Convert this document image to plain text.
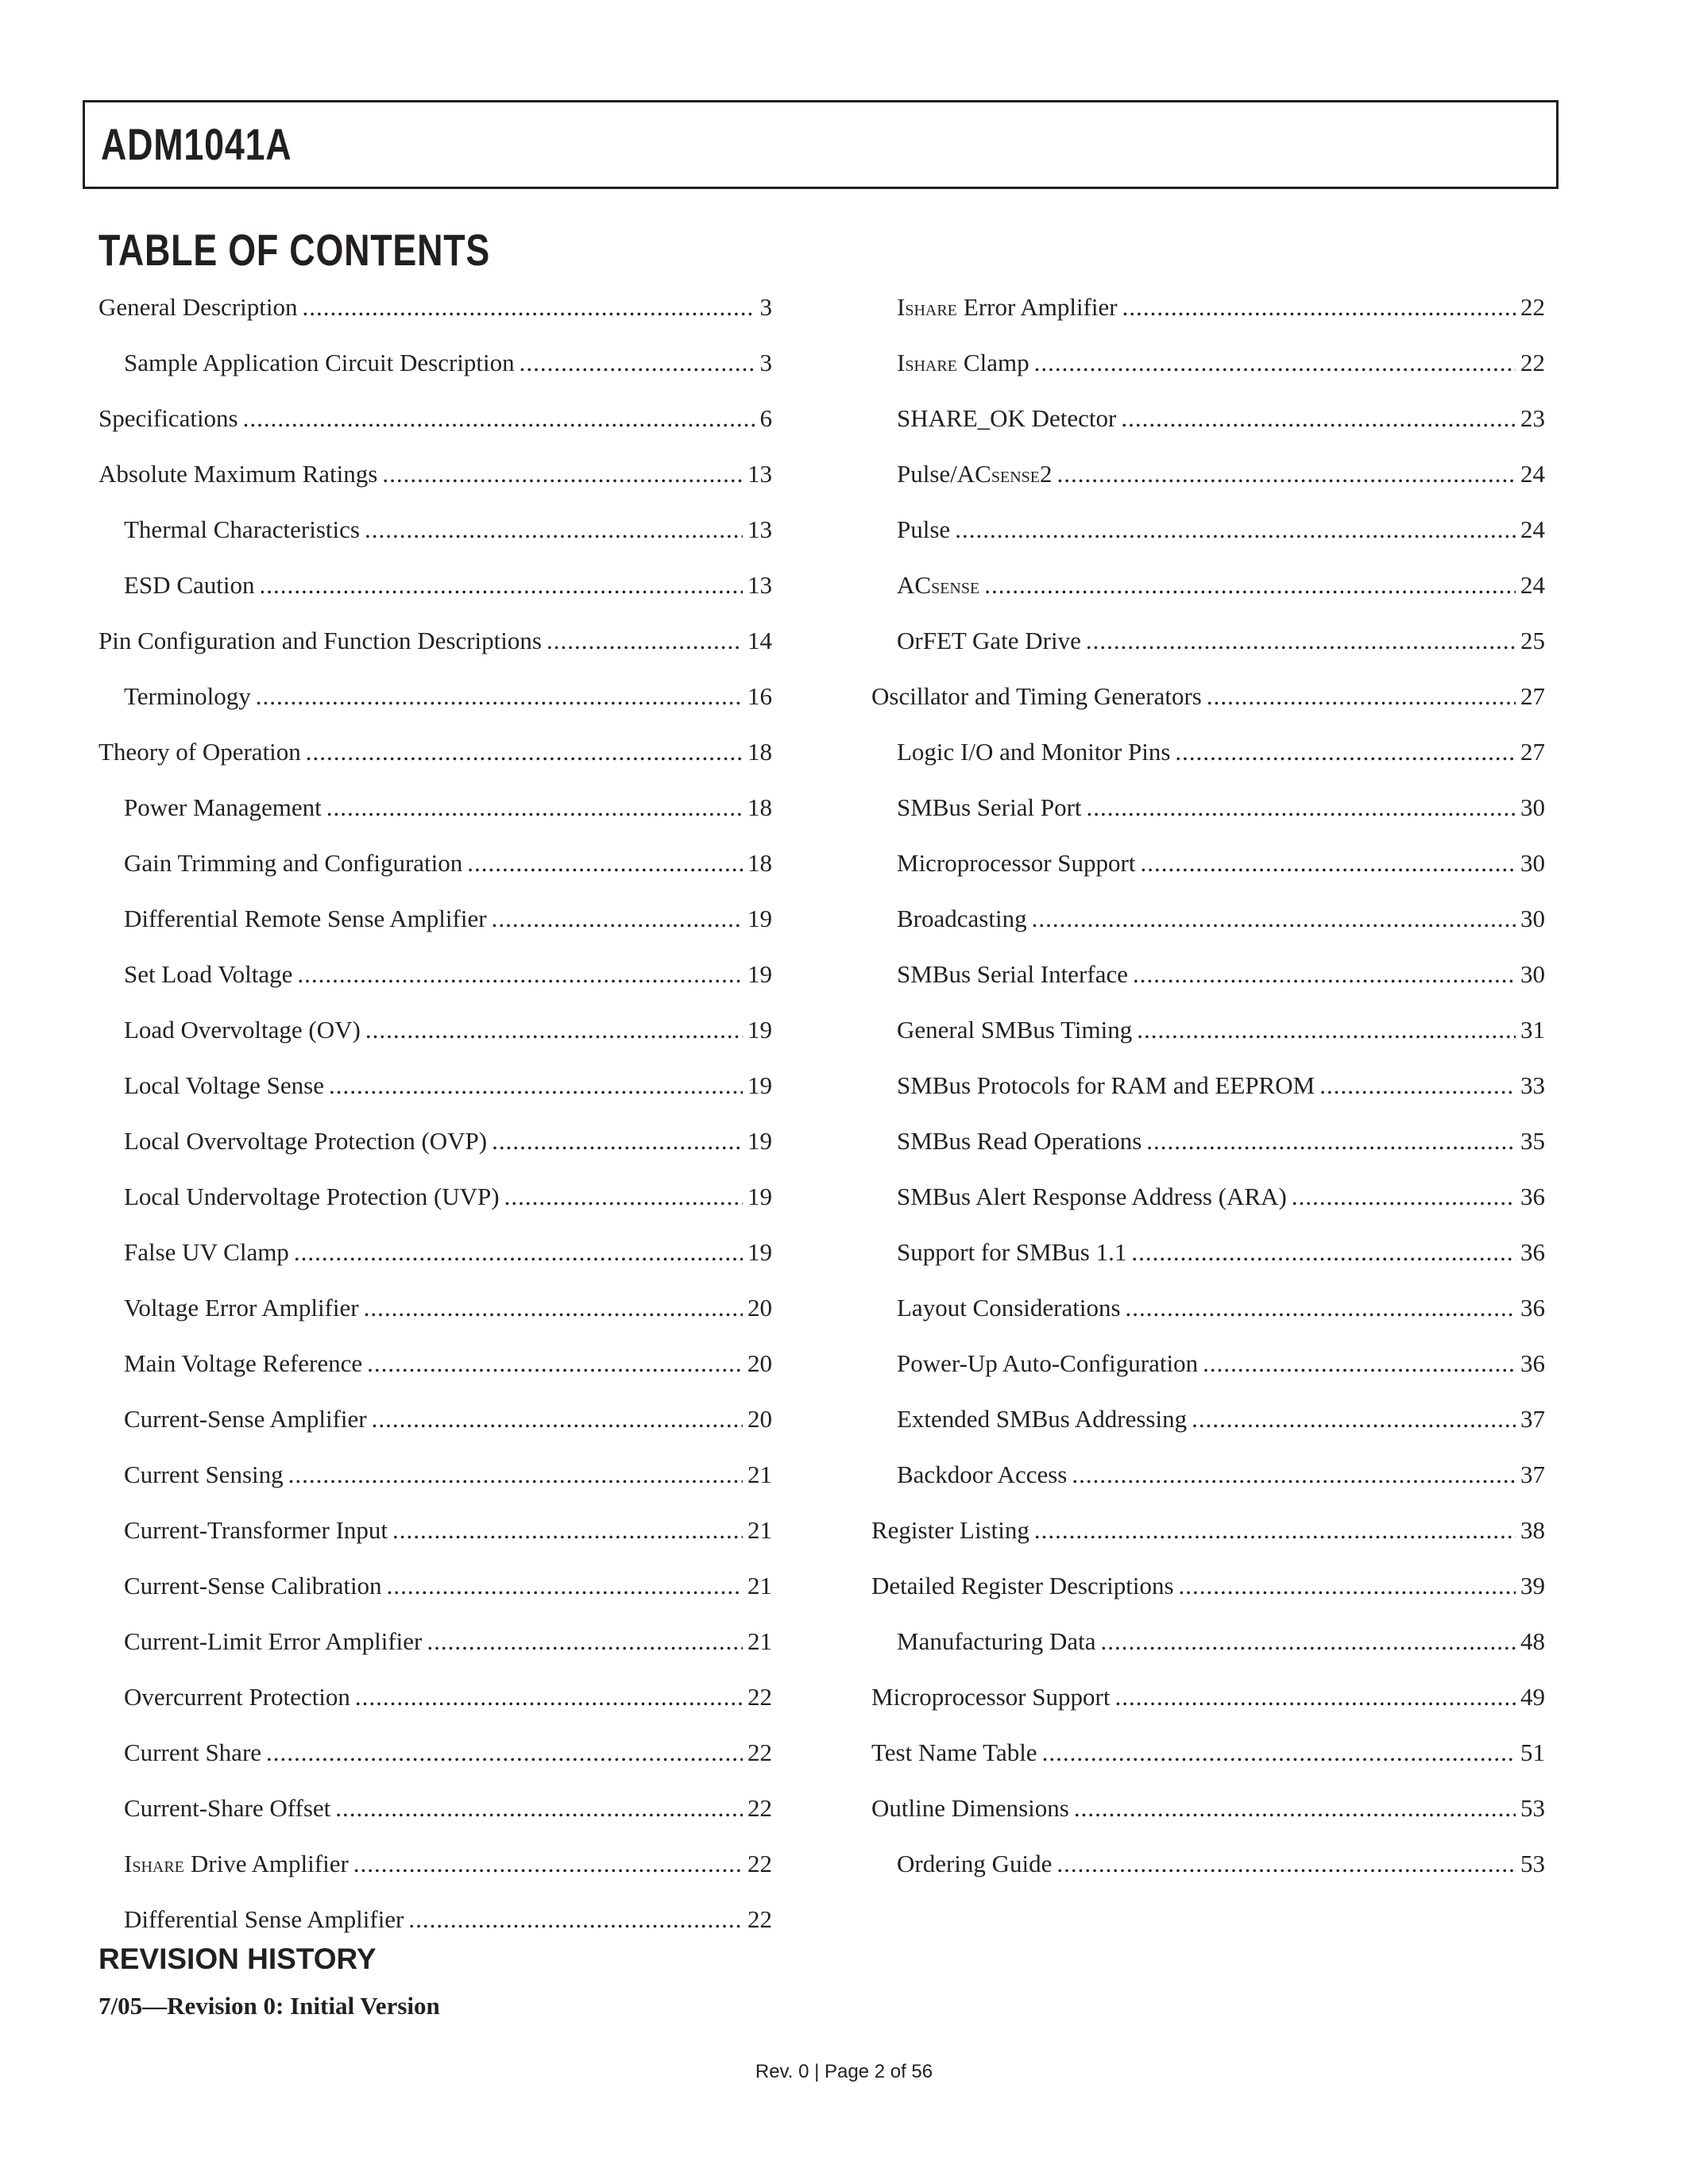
ADM1041A
TABLE OF CONTENTS
General Description .....	3
Sample Application Circuit Description .....	3
Specifications .....	6
Absolute Maximum Ratings .....	13
Thermal Characteristics .....	13
ESD Caution .....	13
Pin Configuration and Function Descriptions .....	14
Terminology .....	16
Theory of Operation .....	18
Power Management .....	18
Gain Trimming and Configuration .....	18
Differential Remote Sense Amplifier .....	19
Set Load Voltage .....	19
Load Overvoltage (OV) .....	19
Local Voltage Sense .....	19
Local Overvoltage Protection (OVP) .....	19
Local Undervoltage Protection (UVP) .....	19
False UV Clamp .....	19
Voltage Error Amplifier .....	20
Main Voltage Reference .....	20
Current-Sense Amplifier .....	20
Current Sensing .....	21
Current-Transformer Input .....	21
Current-Sense Calibration .....	21
Current-Limit Error Amplifier .....	21
Overcurrent Protection .....	22
Current Share .....	22
Current-Share Offset .....	22
ISHARE Drive Amplifier .....	22
Differential Sense Amplifier .....	22
ISHARE Error Amplifier .....	22
ISHARE Clamp .....	22
SHARE_OK Detector .....	23
Pulse/ACSENSE2 .....	24
Pulse .....	24
ACSENSE .....	24
OrFET Gate Drive .....	25
Oscillator and Timing Generators .....	27
Logic I/O and Monitor Pins .....	27
SMBus Serial Port .....	30
Microprocessor Support .....	30
Broadcasting .....	30
SMBus Serial Interface .....	30
General SMBus Timing .....	31
SMBus Protocols for RAM and EEPROM .....	33
SMBus Read Operations .....	35
SMBus Alert Response Address (ARA) .....	36
Support for SMBus 1.1 .....	36
Layout Considerations .....	36
Power-Up Auto-Configuration .....	36
Extended SMBus Addressing .....	37
Backdoor Access .....	37
Register Listing .....	38
Detailed Register Descriptions .....	39
Manufacturing Data .....	48
Microprocessor Support .....	49
Test Name Table .....	51
Outline Dimensions .....	53
Ordering Guide .....	53
REVISION HISTORY
7/05—Revision 0: Initial Version
Rev. 0 | Page 2 of 56
